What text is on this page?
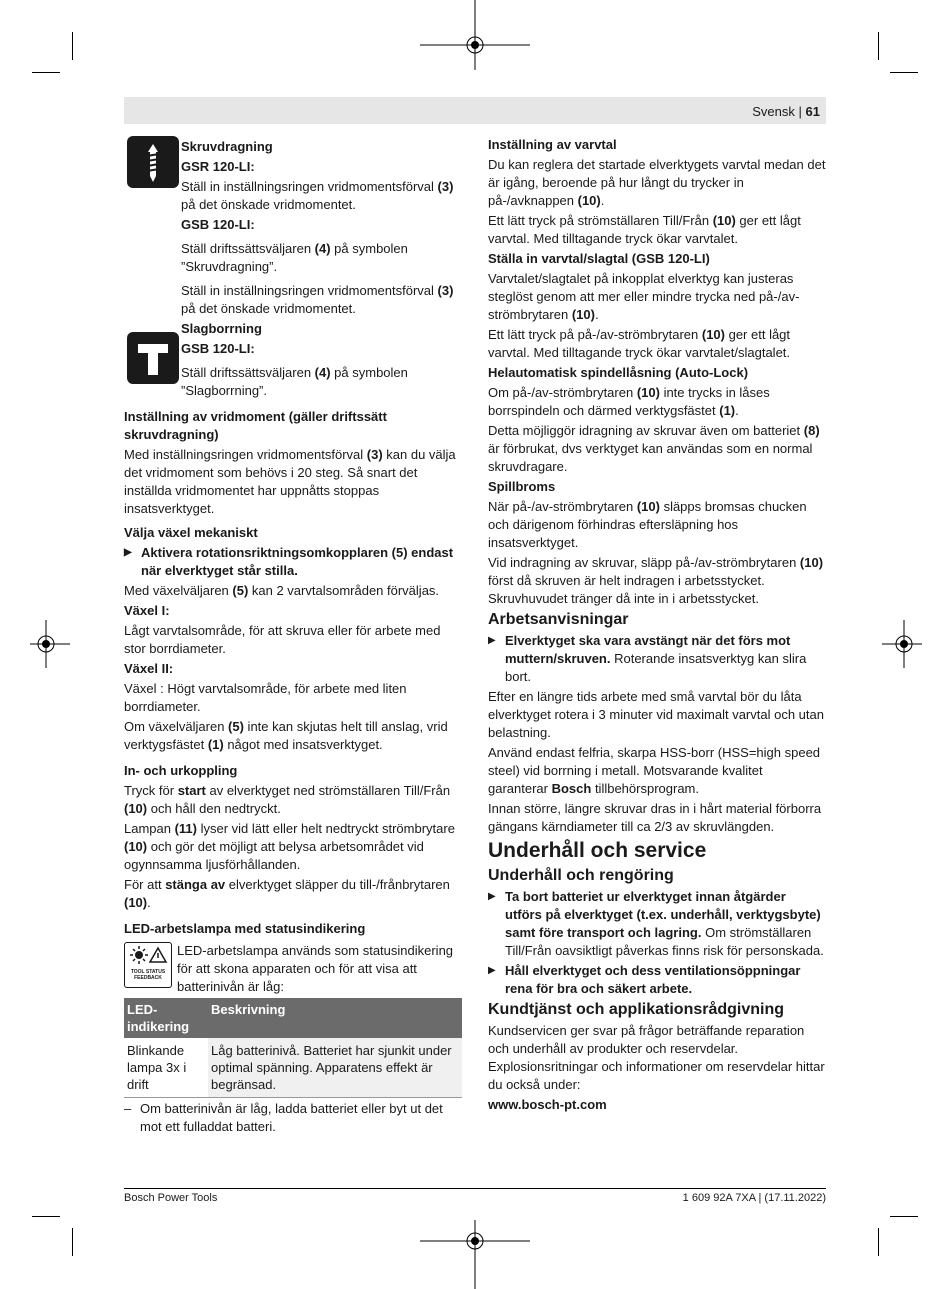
Svensk | 61

Skruvdragning

GSR 120-LI:

Ställ in inställningsringen vridmomentsförval (3) på det önskade vridmomentet.

GSB 120-LI:

Ställ driftssättsväljaren (4) på symbolen ”Skruvdragning”.

Ställ in inställningsringen vridmomentsförval (3) på det önskade vridmomentet.

Slagborrning

GSB 120-LI:

Ställ driftssättsväljaren (4) på symbolen ”Slagborrning”.

Inställning av vridmoment (gäller driftssätt skruvdragning)

Med inställningsringen vridmomentsförval (3) kan du välja det vridmoment som behövs i 20 steg. Så snart det inställda vridmomentet har uppnåtts stoppas insatsverktyget.

Välja växel mekaniskt

▶ Aktivera rotationsriktningsomkopplaren (5) endast när elverktyget står stilla.

Med växelväljaren (5) kan 2 varvtalsområden förväljas.

Växel I:

Lågt varvtalsområde, för att skruva eller för arbete med stor borrdiameter.

Växel II:

Växel : Högt varvtalsområde, för arbete med liten borrdiameter.

Om växelväljaren (5) inte kan skjutas helt till anslag, vrid verktygsfästet (1) något med insatsverktyget.

In- och urkoppling

Tryck för start av elverktyget ned strömställaren Till/Från (10) och håll den nedtryckt.

Lampan (11) lyser vid lätt eller helt nedtryckt strömbrytare (10) och gör det möjligt att belysa arbetsområdet vid ogynnsamma ljusförhållanden.

För att stänga av elverktyget släpper du till-/frånbrytaren (10).

LED-arbetslampa med statusindikering

TOOL STATUS
FEEDBACK

LED-arbetslampa används som statusindikering för att skona apparaten och för att visa att batterinivån är låg:

LED-indikering	Beskrivning
Blinkande lampa 3x i drift	Låg batterinivå. Batteriet har sjunkit under optimal spänning. Apparatens effekt är begränsad.

– Om batterinivån är låg, ladda batteriet eller byt ut det mot ett fulladdat batteri.

Inställning av varvtal

Du kan reglera det startade elverktygets varvtal medan det är igång, beroende på hur långt du trycker in på-/avknappen (10).

Ett lätt tryck på strömställaren Till/Från (10) ger ett lågt varvtal. Med tilltagande tryck ökar varvtalet.

Ställa in varvtal/slagtal (GSB 120-LI)

Varvtalet/slagtalet på inkopplat elverktyg kan justeras steglöst genom att mer eller mindre trycka ned på-/av-strömbrytaren (10).

Ett lätt tryck på på-/av-strömbrytaren (10) ger ett lågt varvtal. Med tilltagande tryck ökar varvtalet/slagtalet.

Helautomatisk spindellåsning (Auto-Lock)

Om på-/av-strömbrytaren (10) inte trycks in låses borrspindeln och därmed verktygsfästet (1).

Detta möjliggör idragning av skruvar även om batteriet (8) är förbrukat, dvs verktyget kan användas som en normal skruvdragare.

Spillbroms

När på-/av-strömbrytaren (10) släpps bromsas chucken och därigenom förhindras eftersläpning hos insatsverktyget.

Vid indragning av skruvar, släpp på-/av-strömbrytaren (10) först då skruven är helt indragen i arbetsstycket. Skruvhuvudet tränger då inte in i arbetsstycket.

Arbetsanvisningar

▶ Elverktyget ska vara avstängt när det förs mot muttern/skruven. Roterande insatsverktyg kan slira bort.

Efter en längre tids arbete med små varvtal bör du låta elverktyget rotera i 3 minuter vid maximalt varvtal och utan belastning.

Använd endast felfria, skarpa HSS-borr (HSS=high speed steel) vid borrning i metall. Motsvarande kvalitet garanterar Bosch tillbehörsprogram.

Innan större, längre skruvar dras in i hårt material förborra gängans kärndiameter till ca 2/3 av skruvlängden.

Underhåll och service

Underhåll och rengöring

▶ Ta bort batteriet ur elverktyget innan åtgärder utförs på elverktyget (t.ex. underhåll, verktygsbyte) samt före transport och lagring. Om strömställaren Till/Från oavsiktligt påverkas finns risk för personskada.

▶ Håll elverktyget och dess ventilationsöppningar rena för bra och säkert arbete.

Kundtjänst och applikationsrådgivning

Kundservicen ger svar på frågor beträffande reparation och underhåll av produkter och reservdelar. Explosionsritningar och informationer om reservdelar hittar du också under:

www.bosch-pt.com

Bosch Power Tools	1 609 92A 7XA | (17.11.2022)
